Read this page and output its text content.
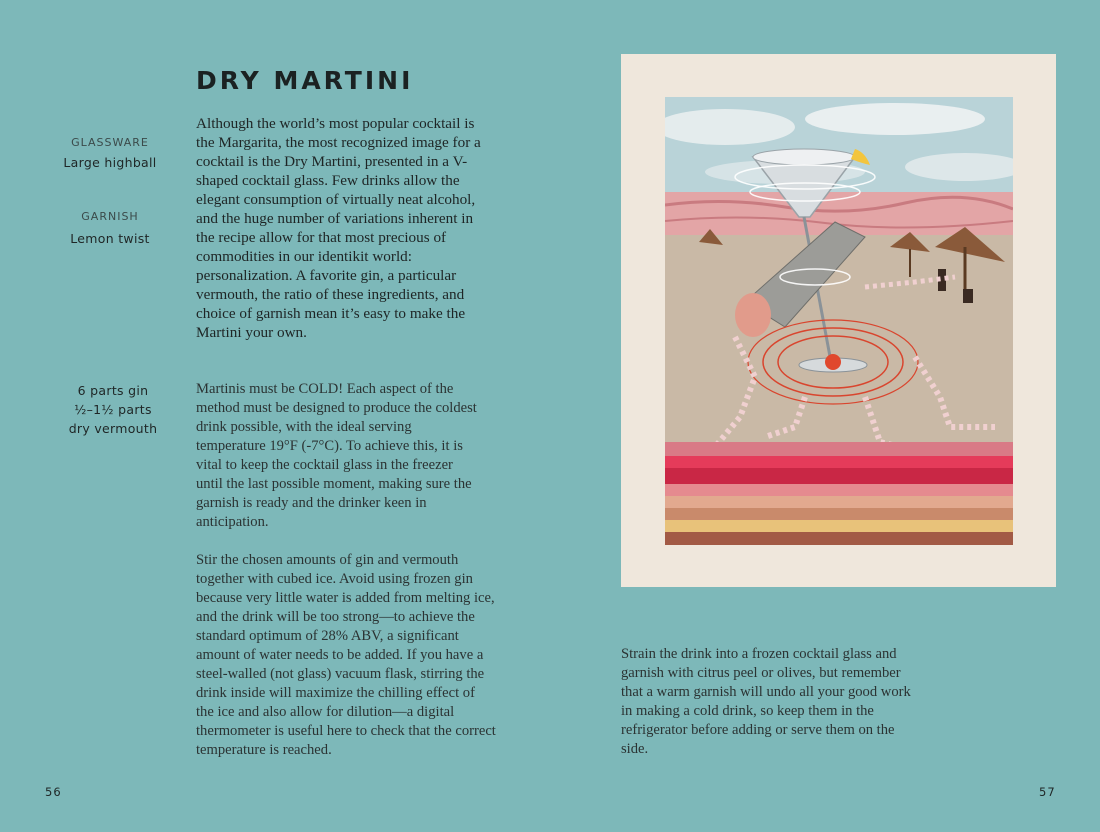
DRY MARTINI
GLASSWARE
Large highball
GARNISH
Lemon twist
6 parts gin
½–1½ parts
dry vermouth

Although the world’s most popular cocktail is the Margarita, the most recognized image for a cocktail is the Dry Martini, presented in a V-shaped cocktail glass. Few drinks allow the elegant consumption of virtually neat alcohol, and the huge number of variations inherent in the recipe allow for that most precious of commodities in our identikit world: personalization. A favorite gin, a particular vermouth, the ratio of these ingredients, and choice of garnish mean it’s easy to make the Martini your own.

Martinis must be COLD! Each aspect of the method must be designed to produce the coldest drink possible, with the ideal serving temperature 19°F (-7°C). To achieve this, it is vital to keep the cocktail glass in the freezer until the last possible moment, making sure the garnish is ready and the drinker keen in anticipation.

Stir the chosen amounts of gin and vermouth together with cubed ice. Avoid using frozen gin because very little water is added from melting ice, and the drink will be too strong—to achieve the standard optimum of 28% ABV, a significant amount of water needs to be added. If you have a steel-walled (not glass) vacuum flask, stirring the drink inside will maximize the chilling effect of the ice and also allow for dilution—a digital thermometer is useful here to check that the correct temperature is reached.

Strain the drink into a frozen cocktail glass and garnish with citrus peel or olives, but remember that a warm garnish will undo all your good work in making a cold drink, so keep them in the refrigerator before adding or serve them on the side.

56	57
